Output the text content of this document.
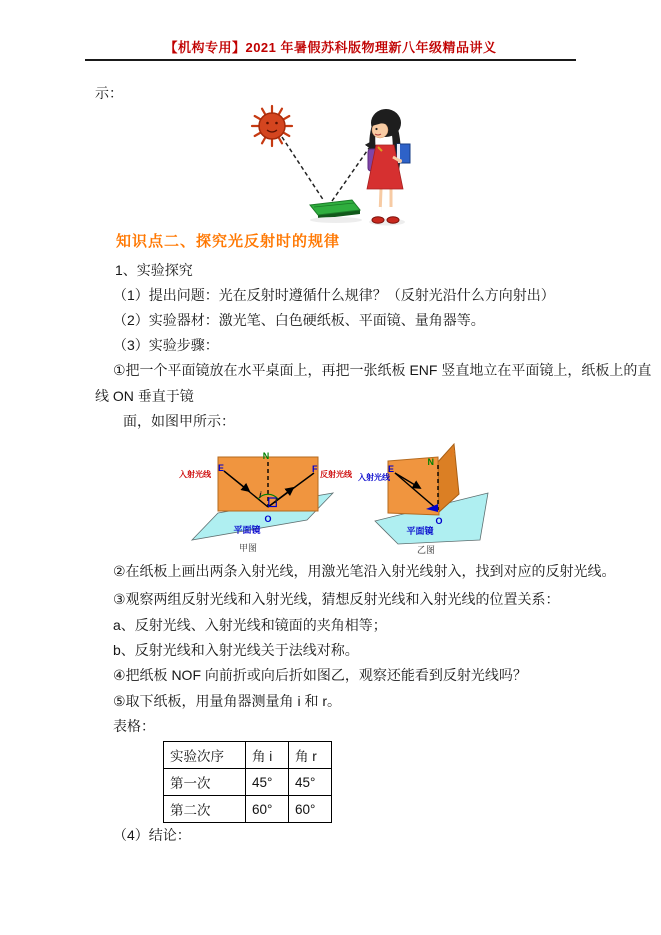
【机构专用】2021 年暑假苏科版物理新八年级精品讲义

示：

知识点二、探究光反射时的规律

1、实验探究

（1）提出问题：光在反射时遵循什么规律？（反射光沿什么方向射出）

（2）实验器材：激光笔、白色硬纸板、平面镜、量角器等。

（3）实验步骤：

①把一个平面镜放在水平桌面上，再把一张纸板 ENF 竖直地立在平面镜上，纸板上的直

线 ON 垂直于镜

面，如图甲所示：

入射光线	反射光线
E
N
F
i r
O
平面镜
甲图
入射光线
E
N
F
O
平面镜
乙图

②在纸板上画出两条入射光线，用激光笔沿入射光线射入，找到对应的反射光线。

③观察两组反射光线和入射光线，猜想反射光线和入射光线的位置关系：

a、反射光线、入射光线和镜面的夹角相等；

b、反射光线和入射光线关于法线对称。

④把纸板 NOF 向前折或向后折如图乙，观察还能看到反射光线吗？

⑤取下纸板，用量角器测量角 i 和 r。

表格：

实验次序	角 i	角 r
第一次	45°	45°
第二次	60°	60°

（4）结论：
